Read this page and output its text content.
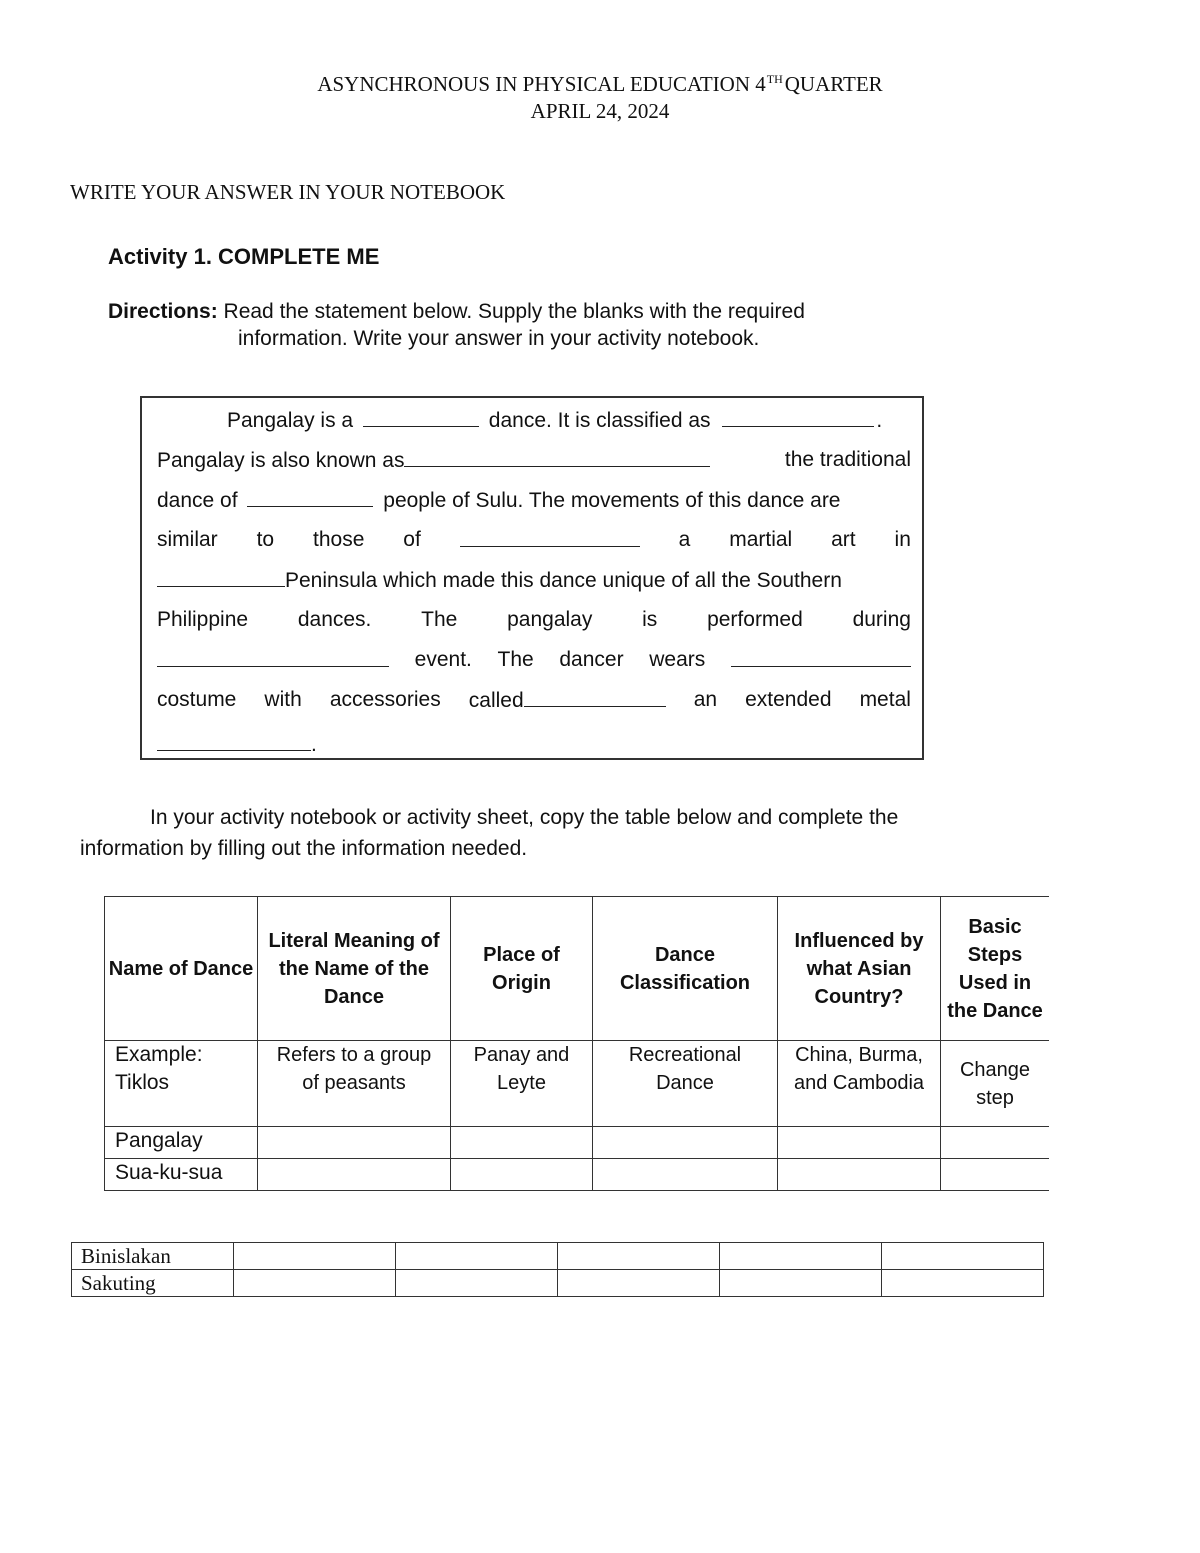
ASYNCHRONOUS IN PHYSICAL EDUCATION 4THQUARTER
APRIL 24, 2024
WRITE YOUR ANSWER IN YOUR NOTEBOOK
Activity 1. COMPLETE ME
Directions: Read the statement below. Supply the blanks with the required
information. Write your answer in your activity notebook.
Pangalay is a	dance. It is classified as	.
Pangalay is also known as	the traditional
dance of	people of Sulu. The movements of this dance are
similar to those of	a martial art in
Peninsula which made this dance unique of all the Southern
Philippine dances. The pangalay is performed during
event. The dancer wears
costume with accessories called	an extended metal
.
In your activity notebook or activity sheet, copy the table below and complete the
information by filling out the information needed.
Name of Dance	Literal Meaning of the Name of the Dance	Place of Origin	Dance Classification	Influenced by what Asian Country?	Basic Steps Used in the Dance

Example:
Tiklos	Refers to a group of peasants	Panay and Leyte	Recreational Dance	China, Burma, and Cambodia	Change step
Pangalay					
Sua-ku-sua					
Binislakan					
Sakuting					
